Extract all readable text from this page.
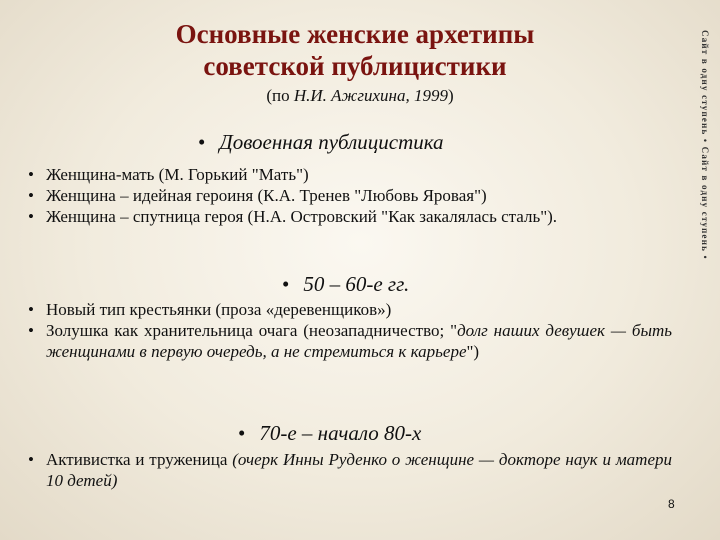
Основные женские архетипы
советской публицистики
(по Н.И. Ажгихина, 1999)	Сайт в одну ступень • Сайт в одну ступень •
• Довоенная публицистика
• Женщина-мать (М. Горький "Мать")
• Женщина – идейная героиня (К.А. Тренев "Любовь Яровая")
• Женщина – спутница героя (Н.А. Островский "Как закалялась сталь").
• 50 – 60-е гг.
• Новый тип крестьянки (проза «деревенщиков»)
• Золушка как хранительница очага (неозападничество; "долг наших девушек — быть женщинами в первую очередь, а не стремиться к карьере")
• 70-е – начало 80-х
• Активистка и труженица (очерк Инны Руденко о женщине — докторе наук и матери 10 детей)
8
